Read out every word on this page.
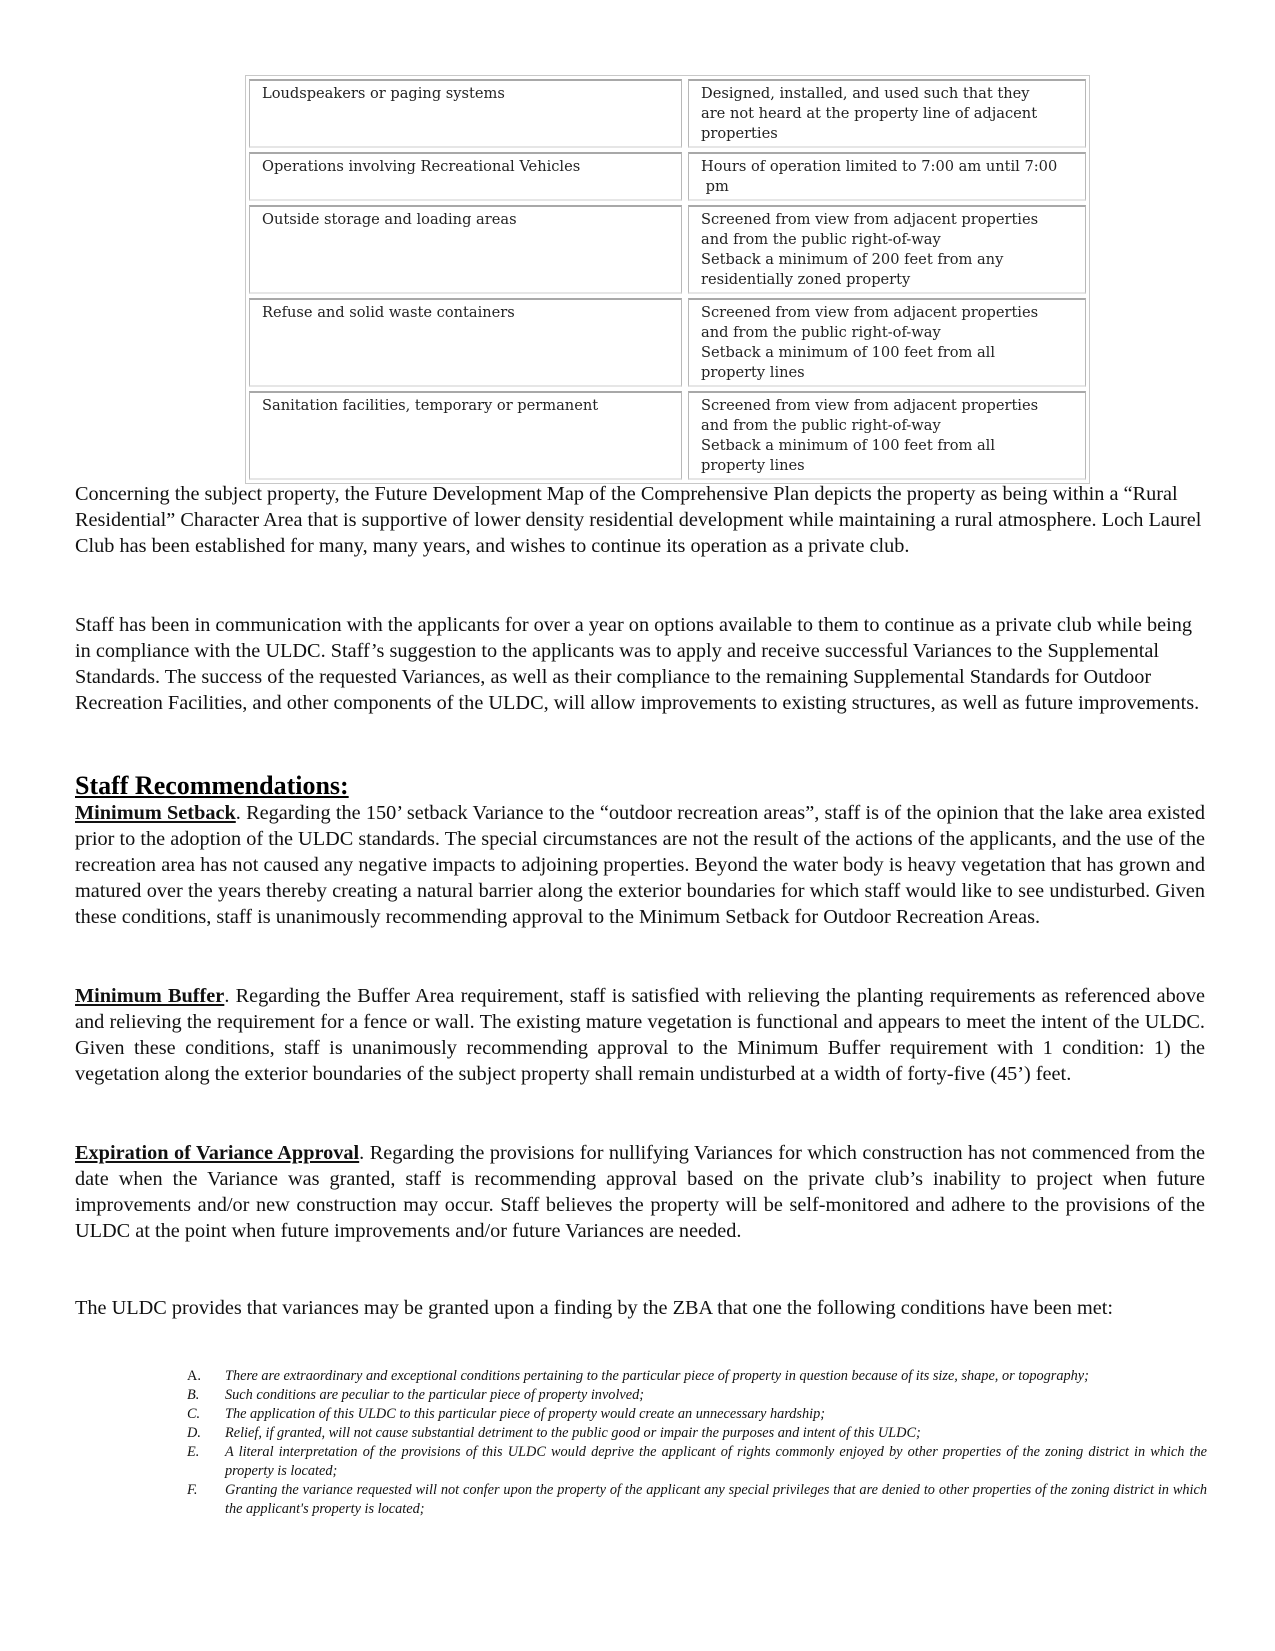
Loudspeakers or paging systems	Designed, installed, and used such that they
are not heard at the property line of adjacent
properties
Operations involving Recreational Vehicles	Hours of operation limited to 7:00 am until 7:00
pm
Outside storage and loading areas	Screened from view from adjacent properties
and from the public right-of-way
Setback a minimum of 200 feet from any
residentially zoned property
Refuse and solid waste containers	Screened from view from adjacent properties
and from the public right-of-way
Setback a minimum of 100 feet from all
property lines
Sanitation facilities, temporary or permanent	Screened from view from adjacent properties
and from the public right-of-way
Setback a minimum of 100 feet from all
property lines

Concerning the subject property, the Future Development Map of the Comprehensive Plan depicts the property as being within a “Rural Residential” Character Area that is supportive of lower density residential development while maintaining a rural atmosphere. Loch Laurel Club has been established for many, many years, and wishes to continue its operation as a private club.

Staff has been in communication with the applicants for over a year on options available to them to continue as a private club while being in compliance with the ULDC. Staff’s suggestion to the applicants was to apply and receive successful Variances to the Supplemental Standards. The success of the requested Variances, as well as their compliance to the remaining Supplemental Standards for Outdoor Recreation Facilities, and other components of the ULDC, will allow improvements to existing structures, as well as future improvements.

Staff Recommendations:

Minimum Setback. Regarding the 150’ setback Variance to the “outdoor recreation areas”, staff is of the opinion that the lake area existed prior to the adoption of the ULDC standards. The special circumstances are not the result of the actions of the applicants, and the use of the recreation area has not caused any negative impacts to adjoining properties. Beyond the water body is heavy vegetation that has grown and matured over the years thereby creating a natural barrier along the exterior boundaries for which staff would like to see undisturbed. Given these conditions, staff is unanimously recommending approval to the Minimum Setback for Outdoor Recreation Areas.

Minimum Buffer. Regarding the Buffer Area requirement, staff is satisfied with relieving the planting requirements as referenced above and relieving the requirement for a fence or wall. The existing mature vegetation is functional and appears to meet the intent of the ULDC. Given these conditions, staff is unanimously recommending approval to the Minimum Buffer requirement with 1 condition: 1) the vegetation along the exterior boundaries of the subject property shall remain undisturbed at a width of forty-five (45’) feet.

Expiration of Variance Approval. Regarding the provisions for nullifying Variances for which construction has not commenced from the date when the Variance was granted, staff is recommending approval based on the private club’s inability to project when future improvements and/or new construction may occur. Staff believes the property will be self-monitored and adhere to the provisions of the ULDC at the point when future improvements and/or future Variances are needed.

The ULDC provides that variances may be granted upon a finding by the ZBA that one the following conditions have been met:

A.	There are extraordinary and exceptional conditions pertaining to the particular piece of property in question because of its size, shape, or topography;
B.	Such conditions are peculiar to the particular piece of property involved;
C.	The application of this ULDC to this particular piece of property would create an unnecessary hardship;
D.	Relief, if granted, will not cause substantial detriment to the public good or impair the purposes and intent of this ULDC;
E.	A literal interpretation of the provisions of this ULDC would deprive the applicant of rights commonly enjoyed by other properties of the zoning district in which the property is located;
F.	Granting the variance requested will not confer upon the property of the applicant any special privileges that are denied to other properties of the zoning district in which the applicant's property is located;
